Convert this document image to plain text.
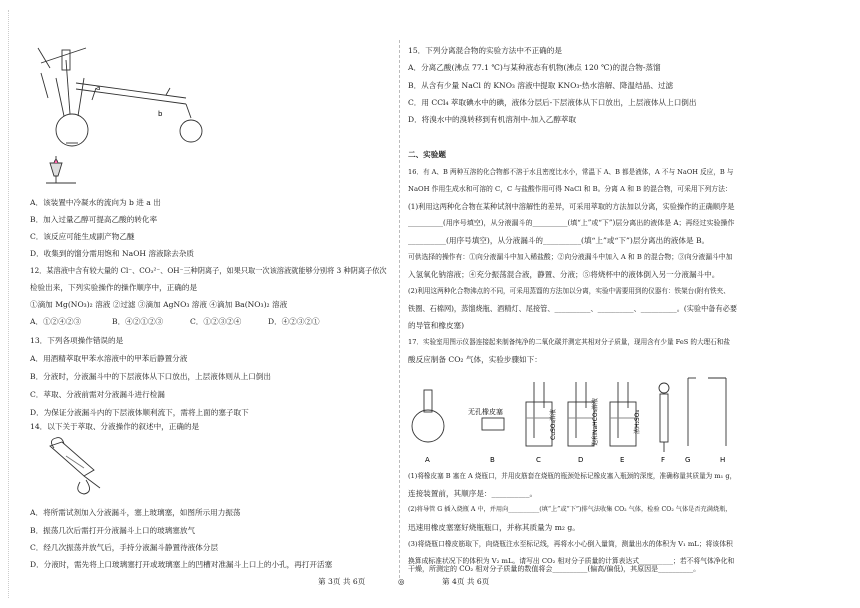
a
b
A．该装置中冷凝水的流向为 b 进 a 出
B．加入过量乙醇可提高乙酸的转化率
C．该反应可能生成副产物乙醚
D．收集到的馏分需用饱和 NaOH 溶液除去杂质
12．某溶液中含有较大量的 Cl⁻、CO₃²⁻、OH⁻三种阴离子，如果只取一次该溶液就能够分别将 3 种阴离子依次
检验出来，下列实验操作的操作顺序中，正确的是
①滴加 Mg(NO₃)₂ 溶液 ②过滤 ③滴加 AgNO₃ 溶液 ④滴加 Ba(NO₃)₂ 溶液
A．①②④②③	B．④②①②③	C．①②③②④	D．④②③②①
13．下列各项操作错误的是
A．用酒精萃取甲苯水溶液中的甲苯后静置分液
B．分液时，分液漏斗中的下层液体从下口放出，上层液体则从上口倒出
C．萃取、分液前需对分液漏斗进行检漏
D．为保证分液漏斗内的下层液体顺利流下，需将上面的塞子取下
14．以下关于萃取、分液操作的叙述中，正确的是
A．将所需试剂加入分液漏斗，塞上玻璃塞，如图所示用力振荡
B．振荡几次后需打开分液漏斗上口的玻璃塞放气
C．经几次振荡并放气后，手持分液漏斗静置待液体分层
D．分液时，需先将上口玻璃塞打开或玻璃塞上的凹槽对准漏斗上口上的小孔，再打开活塞
第 3页 共 6页	◎	第 4页 共 6页
15．下列分离混合物的实验方法中不正确的是
A．分离乙酸(沸点 77.1 ℃)与某种液态有机物(沸点 120 ℃)的混合物-蒸馏
B．从含有少量 NaCl 的 KNO₃ 溶液中提取 KNO₃-热水溶解、降温结晶、过滤
C．用 CCl₄ 萃取碘水中的碘，液体分层后-下层液体从下口放出，上层液体从上口倒出
D．将溴水中的溴转移到有机溶剂中-加入乙醇萃取
二、实验题
16．有 A、B 两种互溶的化合物都不溶于水且密度比水小，常温下 A、B 都是液体，A 不与 NaOH 反应，B 与
NaOH 作用生成水和可溶的 C，C 与盐酸作用可得 NaCl 和 B。分离 A 和 B 的混合物，可采用下列方法：
(1)利用这两种化合物在某种试剂中溶解性的差异，可采用萃取的方法加以分离，实验操作的正确顺序是
__________(用序号填空)，从分液漏斗的__________(填“上”或“下”)层分离出的液体是 A；再经过实验操作
__________(用序号填空)，从分液漏斗的__________(填“上”或“下”)层分离出的液体是 B。
可供选择的操作有：①向分液漏斗中加入稀盐酸；②向分液漏斗中加入 A 和 B 的混合物；③向分液漏斗中加
入氢氧化钠溶液；④充分振荡混合液，静置、分液；⑤将烧杯中的液体倒入另一分液漏斗中。
(2)利用这两种化合物沸点的不同，可采用蒸馏的方法加以分离，实验中需要用到的仪器有：铁架台(附有铁夹、
铁圈、石棉网)，蒸馏烧瓶、酒精灯、尾接管、__________、__________、__________。(实验中备有必要
的导管和橡皮塞)
17．实验室用图示仪器连接起来制备纯净的二氧化碳并测定其相对分子质量，现用含有少量 FeS 的大理石和盐
酸反应制备 CO₂ 气体，实验步骤如下：
无孔橡皮塞	CuSO₄溶液	饱和NaHCO₃溶液	浓H₂SO₄
A	B	C	D	E	F	G	H
(1)将橡皮塞 B 塞在 A 烧瓶口，并用皮筋套在烧瓶的瓶颈处标记橡皮塞入瓶颈的深度，准确称量其质量为 m₁ g，
连接装置前，其顺序是：__________。
(2)将导管 G 插入烧瓶 A 中，并用向__________(填“上”或“下”)排气法收集 CO₂ 气体，检验 CO₂ 气体是否充满烧瓶，
迅速用橡皮塞塞好烧瓶瓶口，并称其质量为 m₂ g。
(3)将烧瓶口橡皮筋取下，向烧瓶注水至标记线，再将水小心倒入量筒，测量出水的体积为 V₁ mL；将该体积
换算成标准状况下的体积为 V₂ mL。请写出 CO₂ 相对分子质量的计算表达式__________；若不将气体净化和
干燥，所测定的 CO₂ 相对分子质量的数值将会__________(偏高/偏低)，其原因是__________。
